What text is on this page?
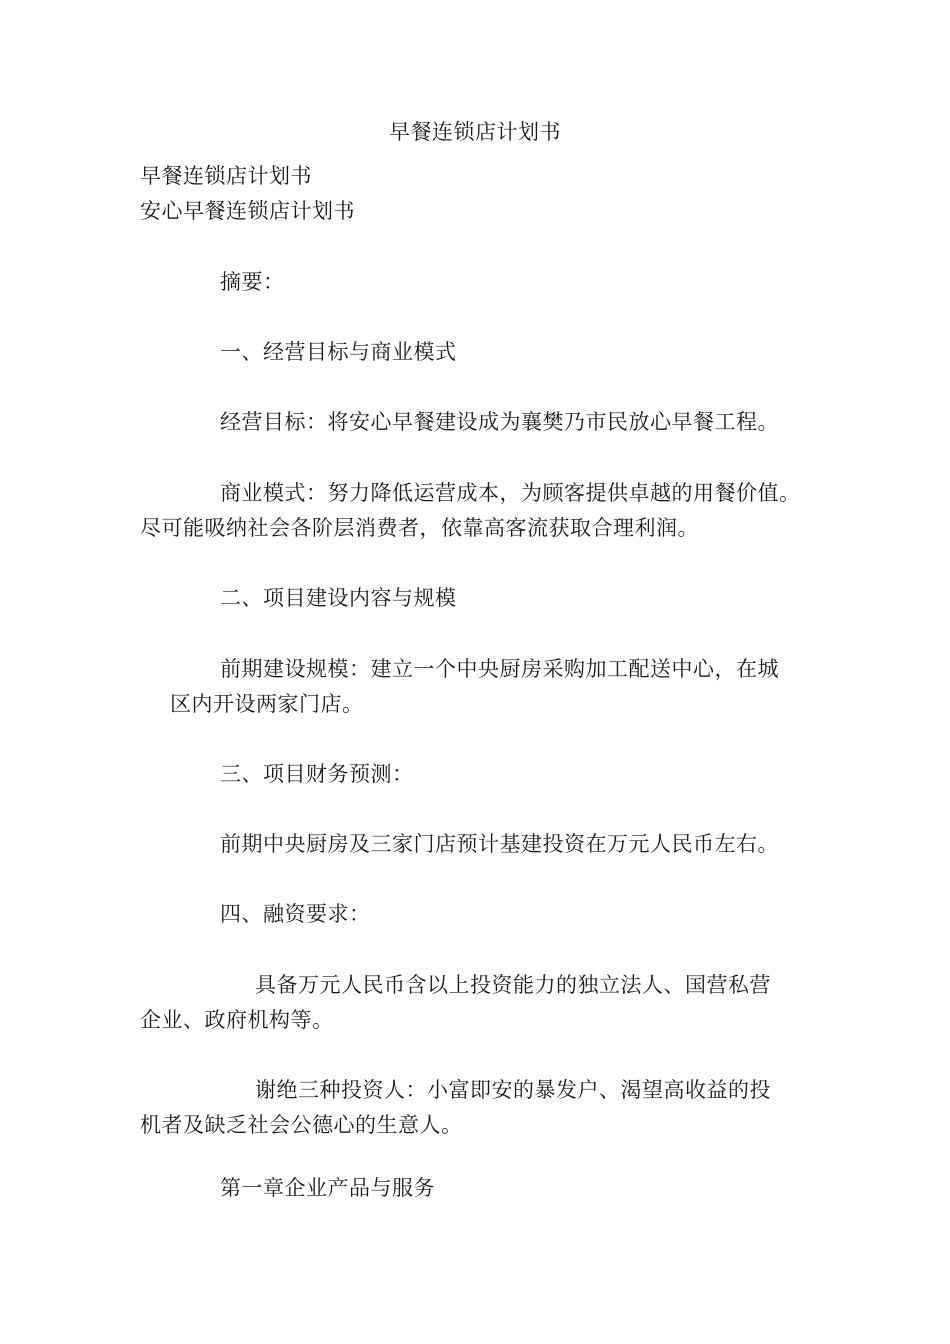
早餐连锁店计划书
早餐连锁店计划书
安心早餐连锁店计划书
摘要：
一、经营目标与商业模式
经营目标：将安心早餐建设成为襄樊乃市民放心早餐工程。
商业模式：努力降低运营成本，为顾客提供卓越的用餐价值。
尽可能吸纳社会各阶层消费者，依靠高客流获取合理利润。
二、项目建设内容与规模
前期建设规模：建立一个中央厨房采购加工配送中心，在城
区内开设两家门店。
三、项目财务预测：
前期中央厨房及三家门店预计基建投资在万元人民币左右。
四、融资要求：
具备万元人民币含以上投资能力的独立法人、国营私营
企业、政府机构等。
谢绝三种投资人：小富即安的暴发户、渴望高收益的投
机者及缺乏社会公德心的生意人。
第一章企业产品与服务
